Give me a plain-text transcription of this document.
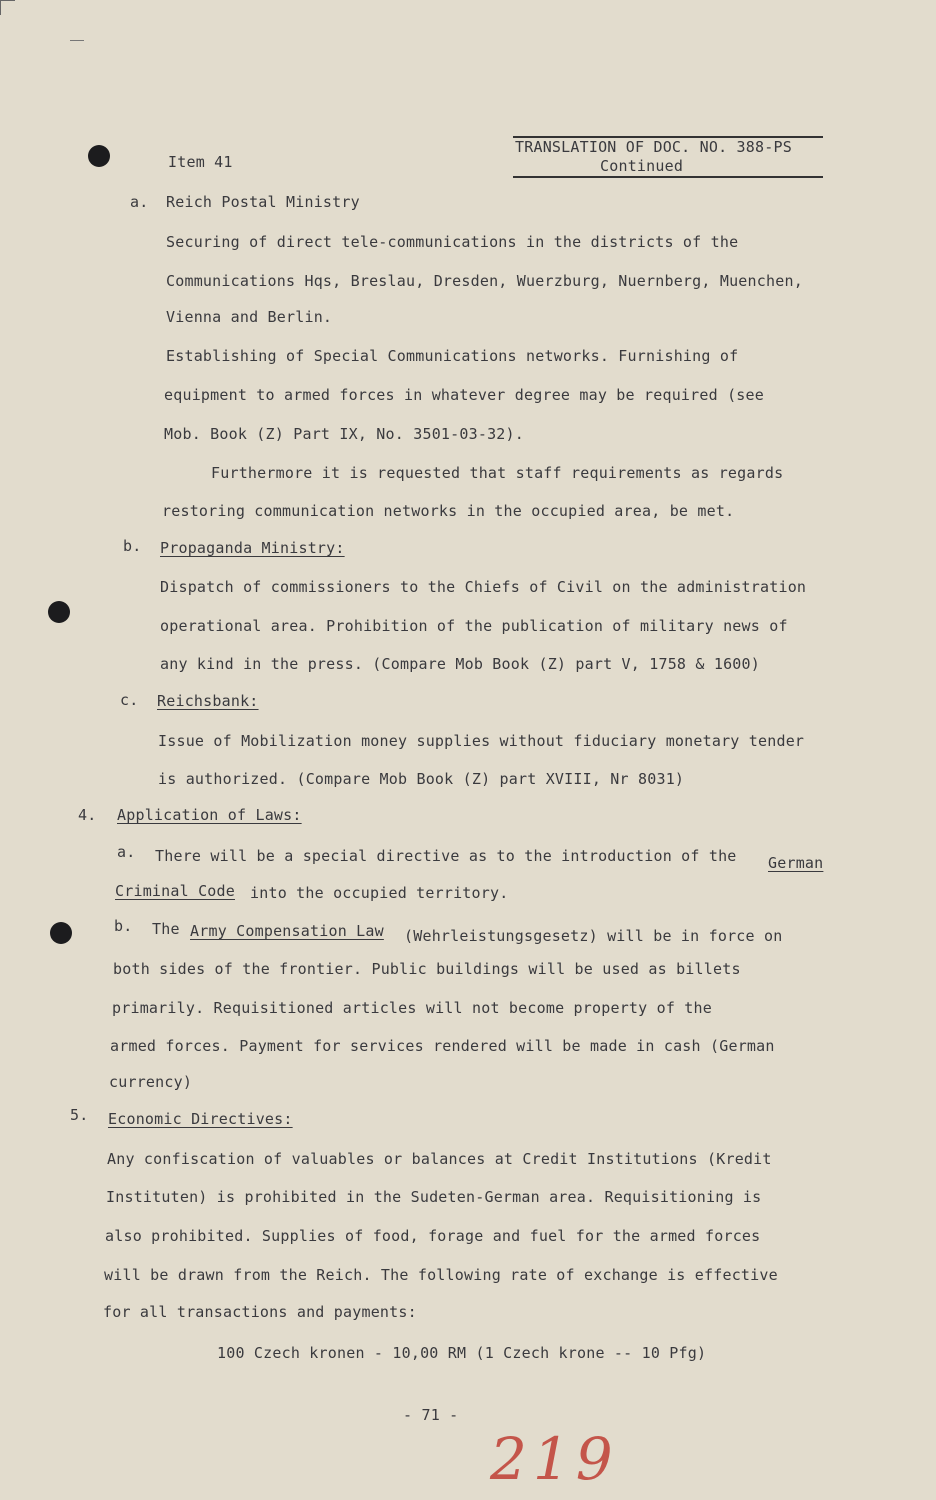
TRANSLATION OF DOC. NO. 388-PS
Continued
Item 41
a. Reich Postal Ministry
Securing of direct tele-communications in the districts of the
Communications Hqs, Breslau, Dresden, Wuerzburg, Nuernberg, Muenchen,
Vienna and Berlin.
Establishing of Special Communications networks. Furnishing of
equipment to armed forces in whatever degree may be required (see
Mob. Book (Z) Part IX, No. 3501-03-32).
Furthermore it is requested that staff requirements as regards
restoring communication networks in the occupied area, be met.
b. Propaganda Ministry:
Dispatch of commissioners to the Chiefs of Civil on the administration
operational area. Prohibition of the publication of military news of
any kind in the press. (Compare Mob Book (Z) part V, 1758 & 1600)
c. Reichsbank:
Issue of Mobilization money supplies without fiduciary monetary tender
is authorized. (Compare Mob Book (Z) part XVIII, Nr 8031)
4. Application of Laws:
a. There will be a special directive as to the introduction of the German
Criminal Code into the occupied territory.
b. The Army Compensation Law (Wehrleistungsgesetz) will be in force on
both sides of the frontier. Public buildings will be used as billets
primarily. Requisitioned articles will not become property of the
armed forces. Payment for services rendered will be made in cash (German
currency)
5. Economic Directives:
Any confiscation of valuables or balances at Credit Institutions (Kredit
Instituten) is prohibited in the Sudeten-German area. Requisitioning is
also prohibited. Supplies of food, forage and fuel for the armed forces
will be drawn from the Reich. The following rate of exchange is effective
for all transactions and payments:
100 Czech kronen - 10,00 RM (1 Czech krone -- 10 Pfg)
- 71 -
219
